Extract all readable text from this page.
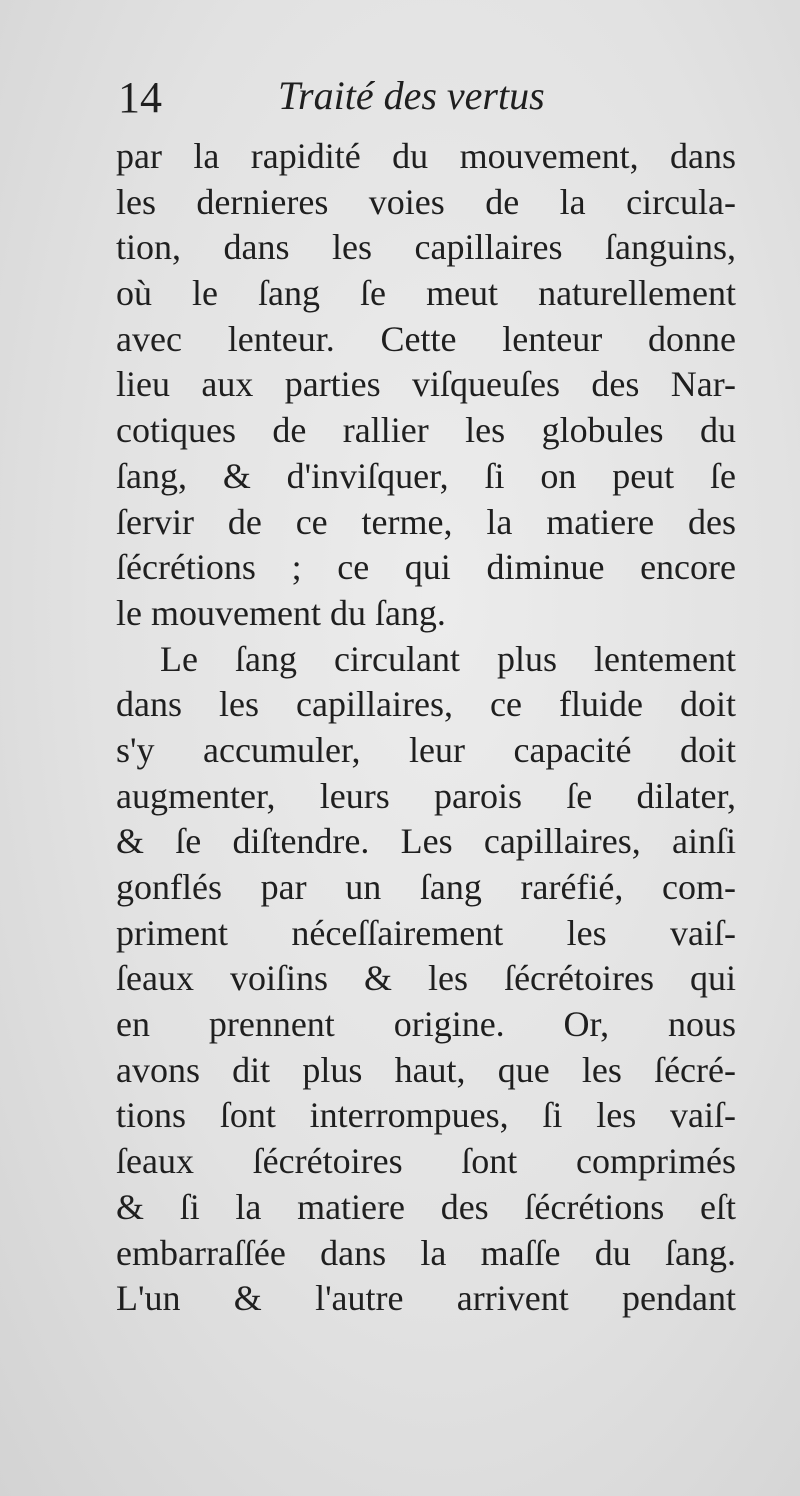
14	Traité des vertus
par la rapidité du mouvement, dans
les dernieres voies de la circula-
tion, dans les capillaires ſanguins,
où le ſang ſe meut naturellement
avec lenteur. Cette lenteur donne
lieu aux parties viſqueuſes des Nar-
cotiques de rallier les globules du
ſang, & d'inviſquer, ſi on peut ſe
ſervir de ce terme, la matiere des
ſécrétions ; ce qui diminue encore
le mouvement du ſang.
Le ſang circulant plus lentement
dans les capillaires, ce fluide doit
s'y accumuler, leur capacité doit
augmenter, leurs parois ſe dilater,
& ſe diſtendre. Les capillaires, ainſi
gonflés par un ſang raréfié, com-
priment néceſſairement les vaiſ-
ſeaux voiſins & les ſécrétoires qui
en prennent origine. Or, nous
avons dit plus haut, que les ſécré-
tions ſont interrompues, ſi les vaiſ-
ſeaux ſécrétoires ſont comprimés
& ſi la matiere des ſécrétions eſt
embarraſſée dans la maſſe du ſang.
L'un & l'autre arrivent pendant
